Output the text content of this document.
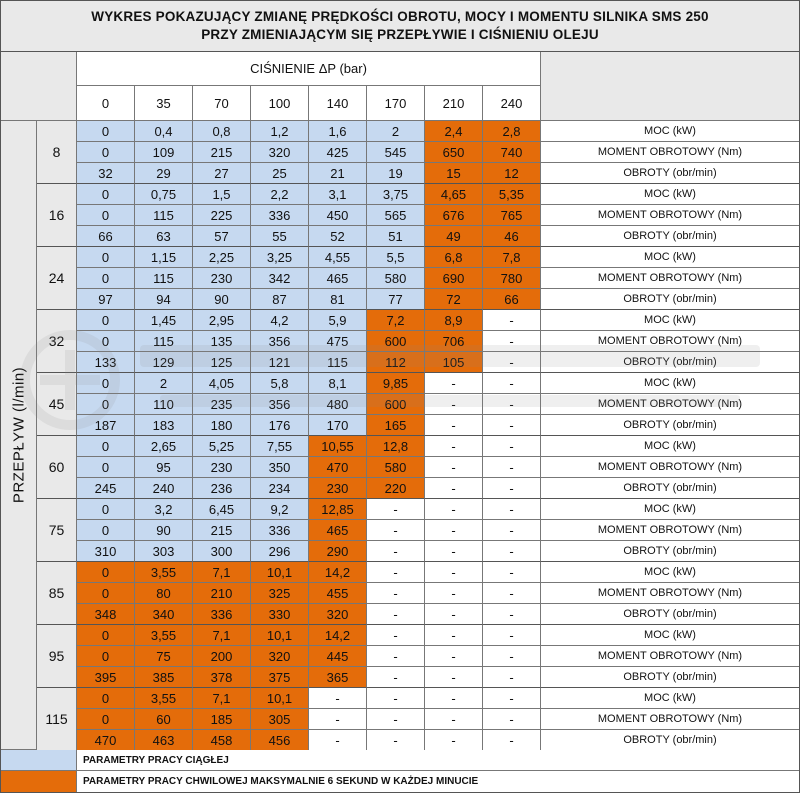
WYKRES POKAZUJĄCY ZMIANĘ PRĘDKOŚCI OBROTU, MOCY I MOMENTU SILNIKA SMS 250
PRZY ZMIENIAJĄCYM SIĘ PRZEPŁYWIE I CIŚNIENIU OLEJU
CIŚNIENIE ΔP (bar)
0	35	70	100	140	170	210	240
PRZEPŁYW (l/min)
8
0	0,4	0,8	1,2	1,6	2	2,4	2,8	MOC (kW)
0	109	215	320	425	545	650	740	MOMENT OBROTOWY (Nm)
32	29	27	25	21	19	15	12	OBROTY (obr/min)
16
0	0,75	1,5	2,2	3,1	3,75	4,65	5,35	MOC (kW)
0	115	225	336	450	565	676	765	MOMENT OBROTOWY (Nm)
66	63	57	55	52	51	49	46	OBROTY (obr/min)
24
0	1,15	2,25	3,25	4,55	5,5	6,8	7,8	MOC (kW)
0	115	230	342	465	580	690	780	MOMENT OBROTOWY (Nm)
97	94	90	87	81	77	72	66	OBROTY (obr/min)
32
0	1,45	2,95	4,2	5,9	7,2	8,9	-	MOC (kW)
0	115	135	356	475	600	706	-	MOMENT OBROTOWY (Nm)
133	129	125	121	115	112	105	-	OBROTY (obr/min)
45
0	2	4,05	5,8	8,1	9,85	-	-	MOC (kW)
0	110	235	356	480	600	-	-	MOMENT OBROTOWY (Nm)
187	183	180	176	170	165	-	-	OBROTY (obr/min)
60
0	2,65	5,25	7,55	10,55	12,8	-	-	MOC (kW)
0	95	230	350	470	580	-	-	MOMENT OBROTOWY (Nm)
245	240	236	234	230	220	-	-	OBROTY (obr/min)
75
0	3,2	6,45	9,2	12,85	-	-	-	MOC (kW)
0	90	215	336	465	-	-	-	MOMENT OBROTOWY (Nm)
310	303	300	296	290	-	-	-	OBROTY (obr/min)
85
0	3,55	7,1	10,1	14,2	-	-	-	MOC (kW)
0	80	210	325	455	-	-	-	MOMENT OBROTOWY (Nm)
348	340	336	330	320	-	-	-	OBROTY (obr/min)
95
0	3,55	7,1	10,1	14,2	-	-	-	MOC (kW)
0	75	200	320	445	-	-	-	MOMENT OBROTOWY (Nm)
395	385	378	375	365	-	-	-	OBROTY (obr/min)
115
0	3,55	7,1	10,1	-	-	-	-	MOC (kW)
0	60	185	305	-	-	-	-	MOMENT OBROTOWY (Nm)
470	463	458	456	-	-	-	-	OBROTY (obr/min)
PARAMETRY PRACY CIĄGŁEJ
PARAMETRY PRACY CHWILOWEJ MAKSYMALNIE 6 SEKUND W KAŻDEJ MINUCIE
